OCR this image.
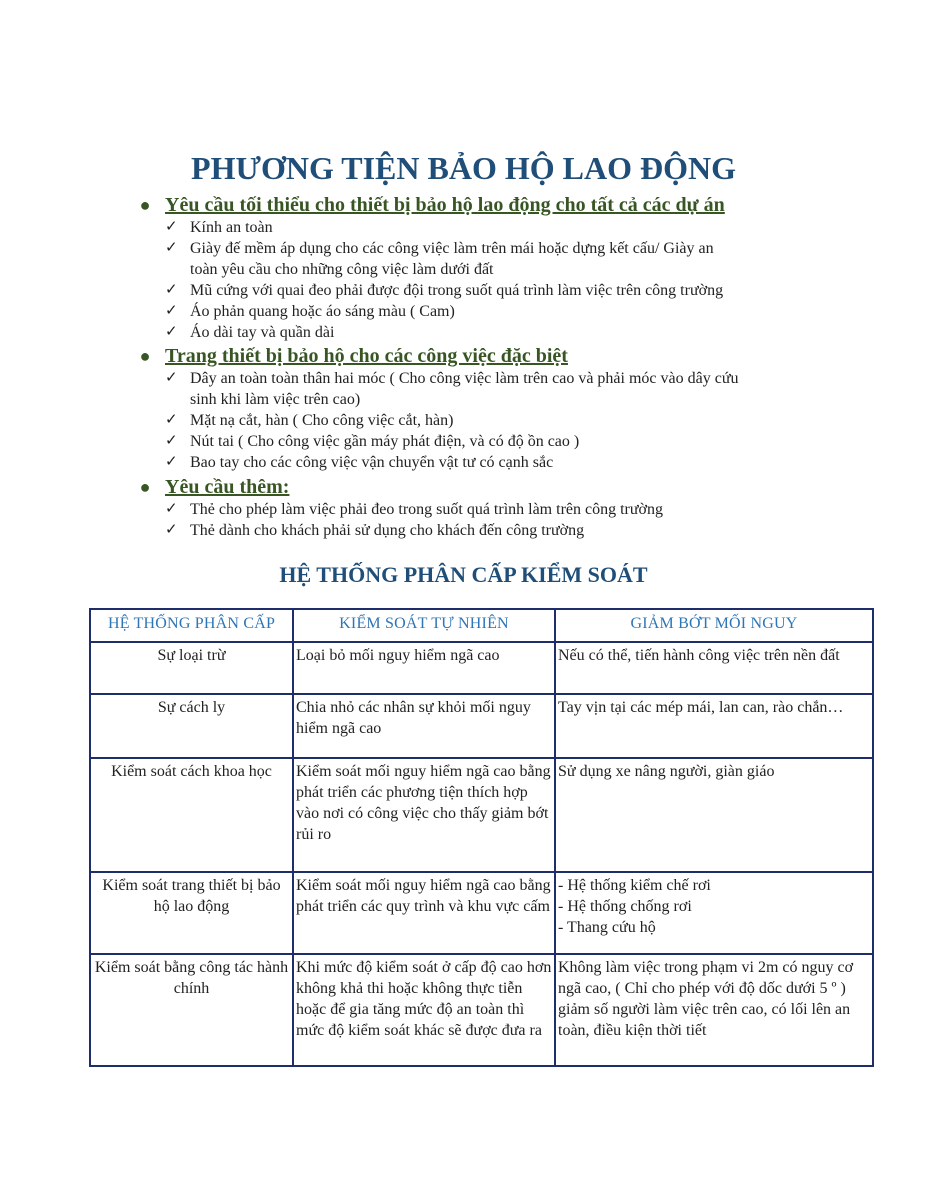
PHƯƠNG TIỆN BẢO HỘ LAO ĐỘNG
● Yêu cầu tối thiểu cho thiết bị bảo hộ lao động cho tất cả các dự án
✓ Kính an toàn
✓ Giày đế mềm áp dụng cho các công việc làm trên mái hoặc dựng kết cấu/ Giày an
toàn yêu cầu cho những công việc làm dưới đất
✓ Mũ cứng với quai đeo phải được đội trong suốt quá trình làm việc trên công trường
✓ Áo phản quang hoặc áo sáng màu ( Cam)
✓ Áo dài tay và quần dài
● Trang thiết bị bảo hộ cho các công việc đặc biệt
✓ Dây an toàn toàn thân hai móc ( Cho công việc làm trên cao và phải móc vào dây cứu
sinh khi làm việc trên cao)
✓ Mặt nạ cắt, hàn ( Cho công việc cắt, hàn)
✓ Nút tai ( Cho công việc gần máy phát điện, và có độ ồn cao )
✓ Bao tay cho các công việc vận chuyển vật tư có cạnh sắc
● Yêu cầu thêm:
✓ Thẻ cho phép làm việc phải đeo trong suốt quá trình làm trên công trường
✓ Thẻ dành cho khách phải sử dụng cho khách đến công trường
HỆ THỐNG PHÂN CẤP KIỂM SOÁT
HỆ THỐNG PHÂN CẤP	KIỂM SOÁT TỰ NHIÊN	GIẢM BỚT MỐI NGUY
Sự loại trừ	Loại bỏ mối nguy hiểm ngã cao	Nếu có thể, tiến hành công việc trên nền đất
Sự cách ly	Chia nhỏ các nhân sự khỏi mối nguy hiểm ngã cao	Tay vịn tại các mép mái, lan can, rào chắn…
Kiểm soát cách khoa học	Kiểm soát mối nguy hiểm ngã cao bằng phát triển các phương tiện thích hợp vào nơi có công việc cho thấy giảm bớt rủi ro	Sử dụng xe nâng người, giàn giáo
Kiểm soát trang thiết bị bảo hộ lao động	Kiểm soát mối nguy hiểm ngã cao bằng phát triển các quy trình và khu vực cấm	- Hệ thống kiểm chế rơi
- Hệ thống chống rơi
- Thang cứu hộ
Kiểm soát bằng công tác hành chính	Khi mức độ kiểm soát ở cấp độ cao hơn không khả thi hoặc không thực tiễn hoặc để gia tăng mức độ an toàn thì mức độ kiểm soát khác sẽ được đưa ra	Không làm việc trong phạm vi 2m có nguy cơ ngã cao, ( Chỉ cho phép với độ dốc dưới 5 º ) giảm số người làm việc trên cao, có lối lên an toàn, điều kiện thời tiết
